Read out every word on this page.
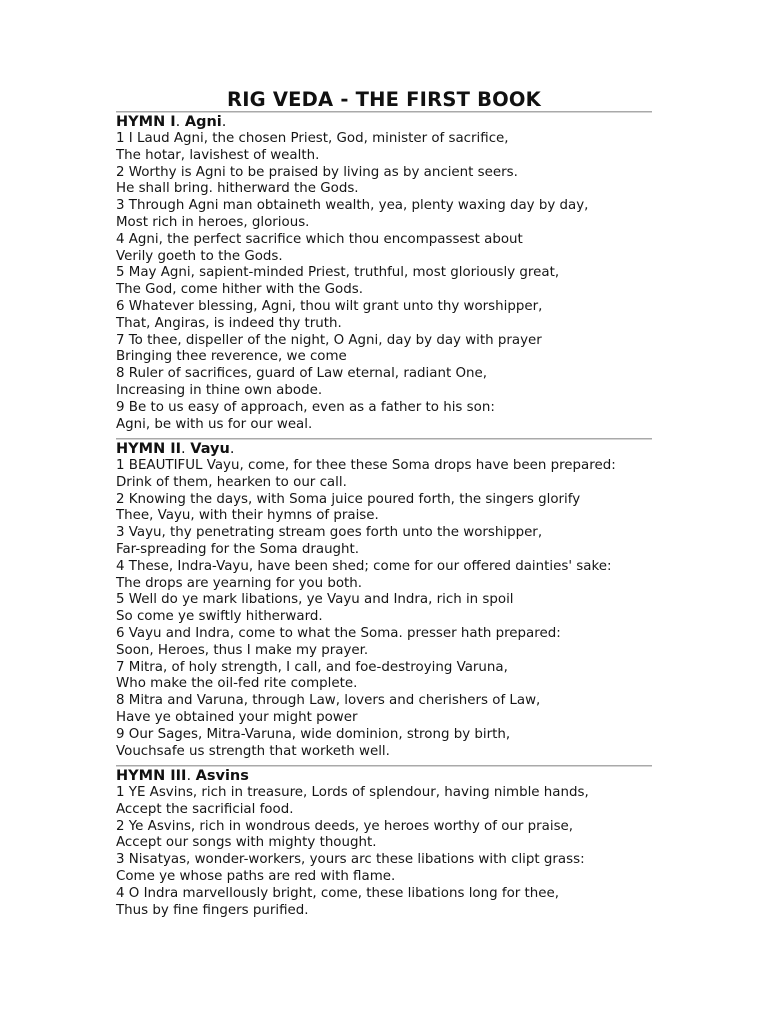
RIG VEDA - THE FIRST BOOK
HYMN I. Agni.
1 I Laud Agni, the chosen Priest, God, minister of sacrifice,
The hotar, lavishest of wealth.
2 Worthy is Agni to be praised by living as by ancient seers.
He shall bring. hitherward the Gods.
3 Through Agni man obtaineth wealth, yea, plenty waxing day by day,
Most rich in heroes, glorious.
4 Agni, the perfect sacrifice which thou encompassest about
Verily goeth to the Gods.
5 May Agni, sapient-minded Priest, truthful, most gloriously great,
The God, come hither with the Gods.
6 Whatever blessing, Agni, thou wilt grant unto thy worshipper,
That, Angiras, is indeed thy truth.
7 To thee, dispeller of the night, O Agni, day by day with prayer
Bringing thee reverence, we come
8 Ruler of sacrifices, guard of Law eternal, radiant One,
Increasing in thine own abode.
9 Be to us easy of approach, even as a father to his son:
Agni, be with us for our weal.
HYMN II. Vayu.
1 BEAUTIFUL Vayu, come, for thee these Soma drops have been prepared:
Drink of them, hearken to our call.
2 Knowing the days, with Soma juice poured forth, the singers glorify
Thee, Vayu, with their hymns of praise.
3 Vayu, thy penetrating stream goes forth unto the worshipper,
Far-spreading for the Soma draught.
4 These, Indra-Vayu, have been shed; come for our offered dainties' sake:
The drops are yearning for you both.
5 Well do ye mark libations, ye Vayu and Indra, rich in spoil
So come ye swiftly hitherward.
6 Vayu and Indra, come to what the Soma. presser hath prepared:
Soon, Heroes, thus I make my prayer.
7 Mitra, of holy strength, I call, and foe-destroying Varuna,
Who make the oil-fed rite complete.
8 Mitra and Varuna, through Law, lovers and cherishers of Law,
Have ye obtained your might power
9 Our Sages, Mitra-Varuna, wide dominion, strong by birth,
Vouchsafe us strength that worketh well.
HYMN III. Asvins
1 YE Asvins, rich in treasure, Lords of splendour, having nimble hands,
Accept the sacrificial food.
2 Ye Asvins, rich in wondrous deeds, ye heroes worthy of our praise,
Accept our songs with mighty thought.
3 Nisatyas, wonder-workers, yours arc these libations with clipt grass:
Come ye whose paths are red with flame.
4 O Indra marvellously bright, come, these libations long for thee,
Thus by fine fingers purified.
